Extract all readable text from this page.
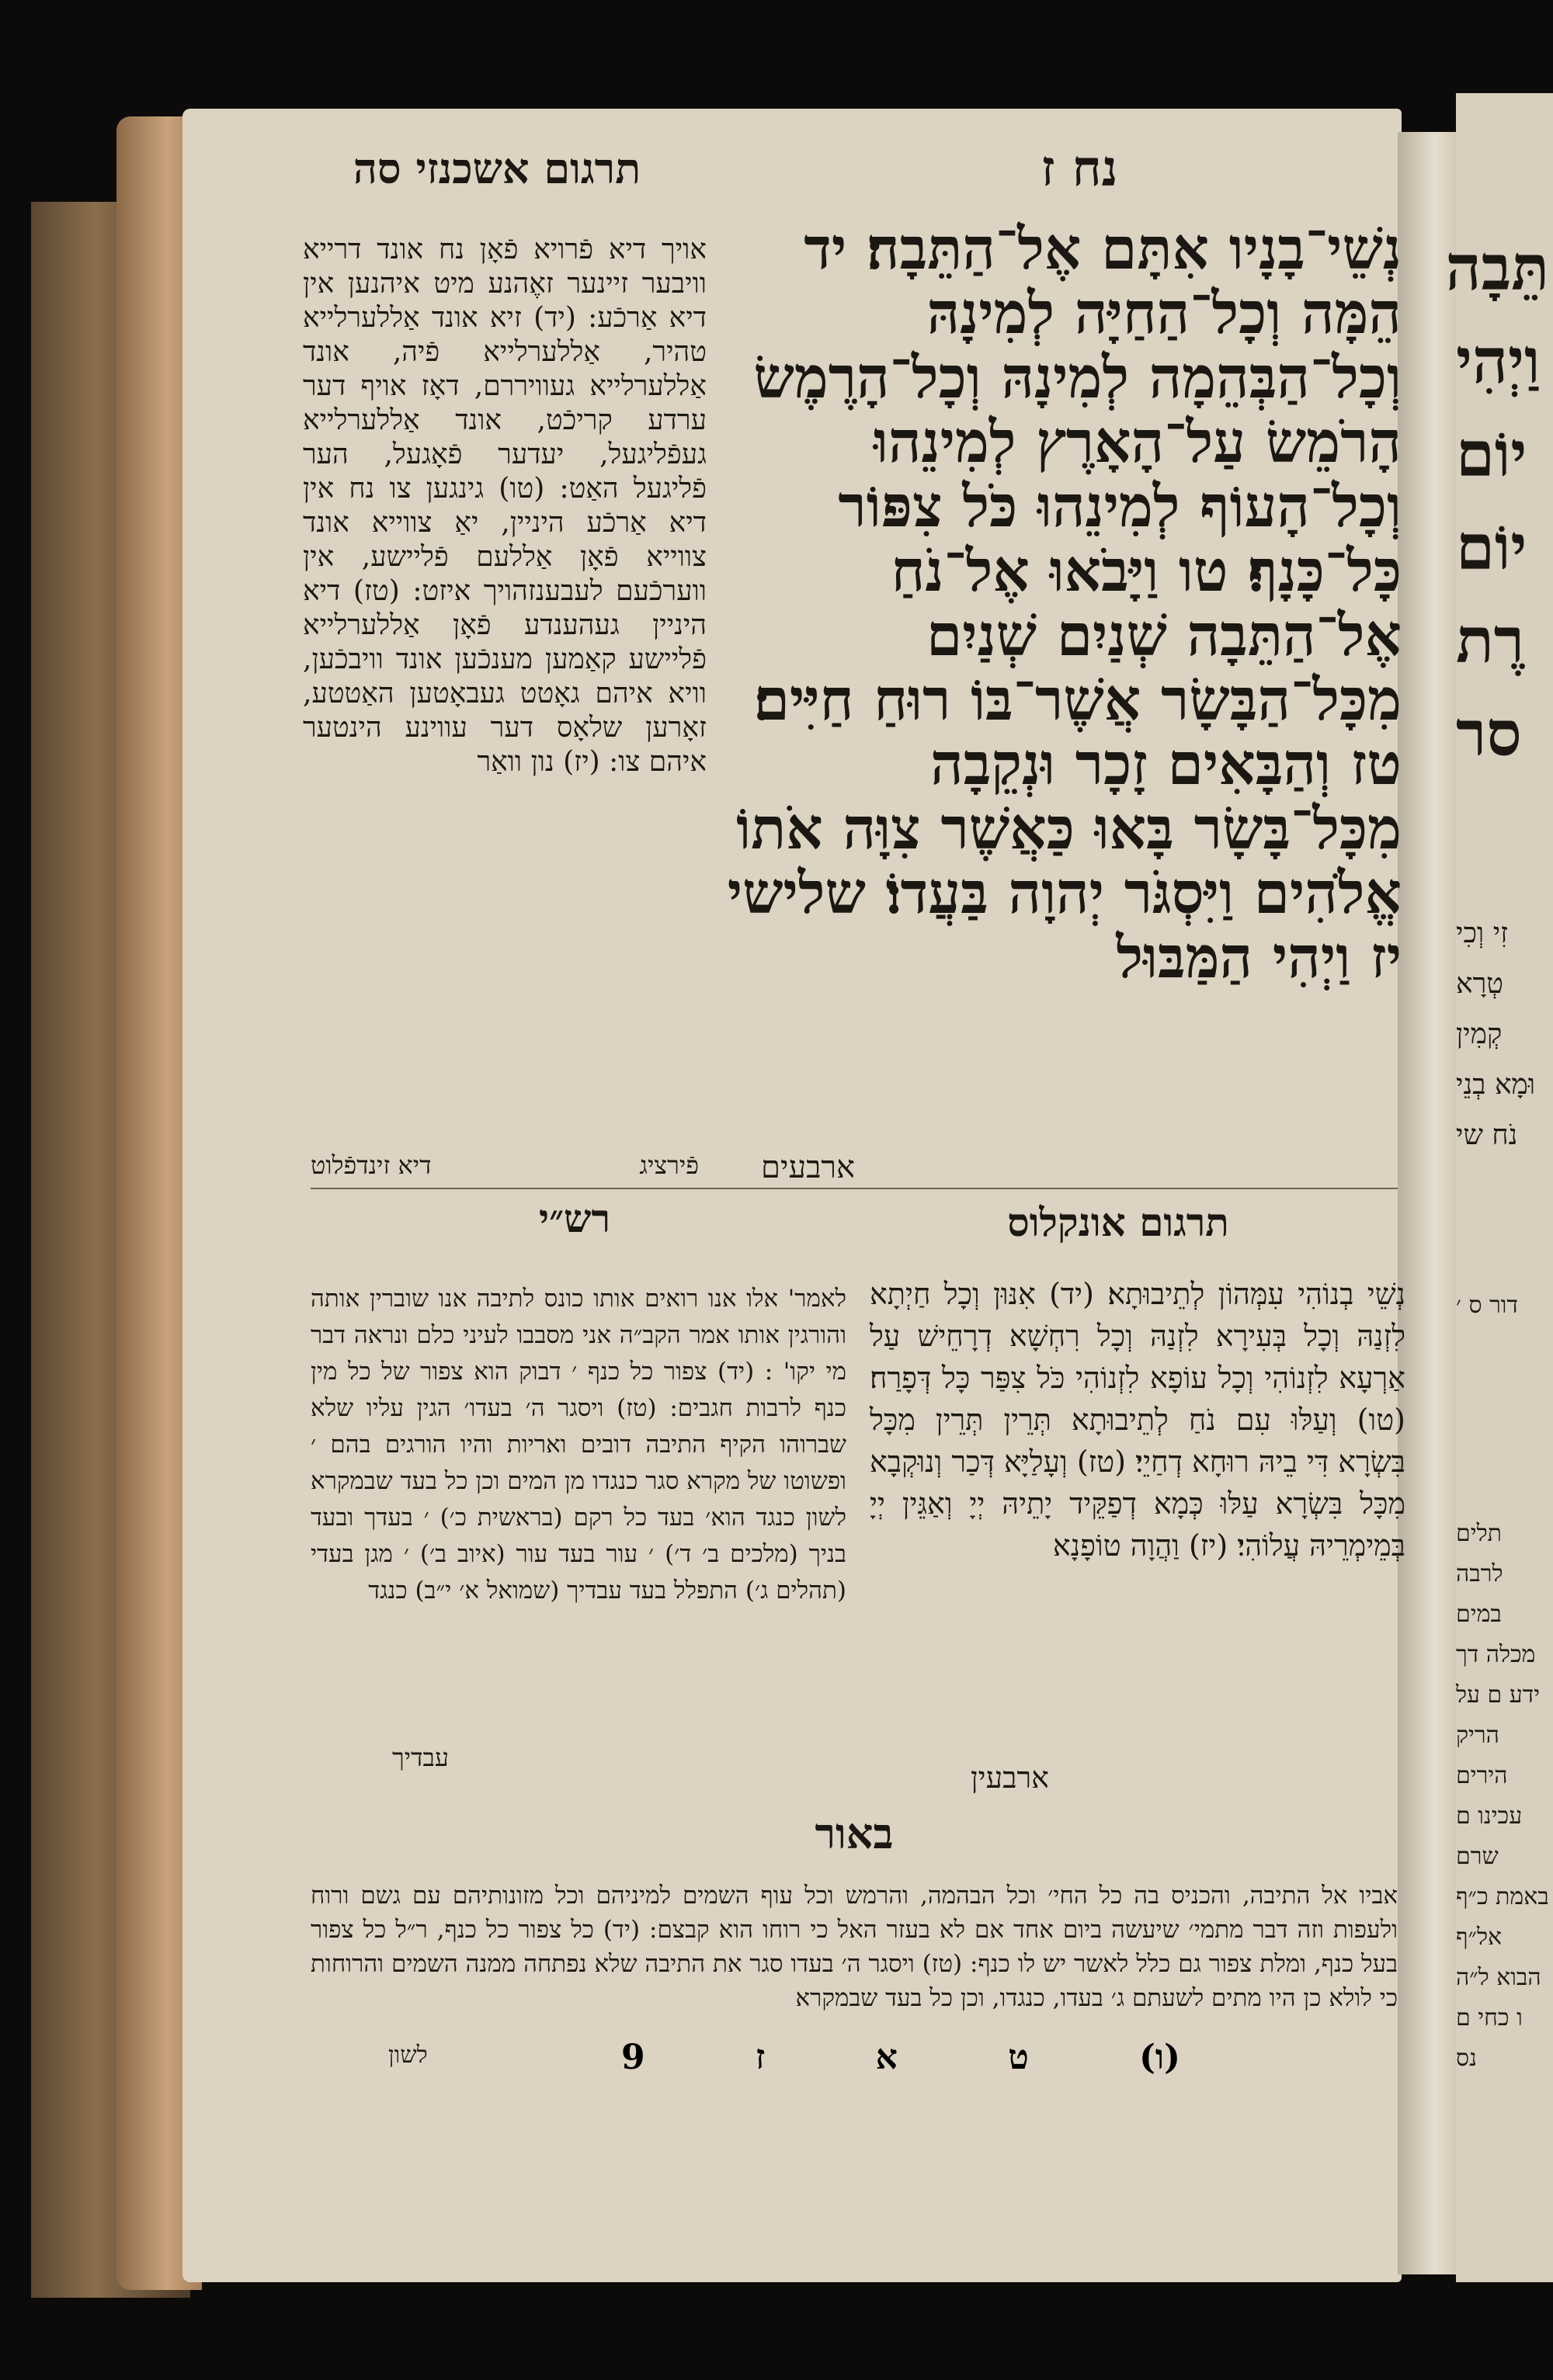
תֵּבָה וַיְהִי יוֹם יוֹם רֶת סר
זִי וְכִי טְרָא קְמִין וּמָא בְנֵי נֹח שי
דור ס ׳
תלים לרבה במים מכלה דך ידע ם על הריק הירים עכינו ם שרם באמת כ״ף אל״ף הבוא ל״ה ו כחי ם נס
נח ז
תרגום אשכנזי סה
נְשֵׁי־בָנָיו אִתָּם אֶל־הַתֵּבָה׃ יד הֵמָּה וְכָל־הַחַיָּה לְמִינָהּ וְכָל־הַבְּהֵמָה לְמִינָהּ וְכָל־הָרֶמֶשׂ הָרֹמֵשׂ עַל־הָאָרֶץ לְמִינֵהוּ וְכָל־הָעוֹף לְמִינֵהוּ כֹּל צִפּוֹר כָּל־כָּנָף׃ טו וַיָּבֹאוּ אֶל־נֹחַ אֶל־הַתֵּבָה שְׁנַיִם שְׁנַיִם מִכָּל־הַבָּשָׂר אֲשֶׁר־בּוֹ רוּחַ חַיִּים׃ טז וְהַבָּאִים זָכָר וּנְקֵבָה מִכָּל־בָּשָׂר בָּאוּ כַּאֲשֶׁר צִוָּה אֹתוֹ אֱלֹהִים וַיִּסְגֹּר יְהוָה בַּעֲדוֹ׃ שלישי יז וַיְהִי הַמַּבּוּל
ארבעים
אויך דיא פֿרויא פֿאָן נח אונד דרייא וויבער זיינער זאֶהנע מיט איהנען אין דיא אַרכֿע: (יד) זיא אונד אַללערלייא טהיר, אַללערלייא פֿיה, אונד אַללערלייא געוויררם, דאָז אויף דער ערדע קריכֿט, אונד אַללערלייא געפֿליגעל, יעדער פֿאָגעל, הער פֿליגעל האַט: (טו) גינגען צו נח אין דיא אַרכֿע היניין, יאַ צווייא אונד צווייא פֿאָן אַללעם פֿליישע, אין ווערכֿעם לעבענזהויך איזט: (טז) דיא היניין געהענדע פֿאָן אַללערלייא פֿליישע קאַמען מענכֿען אונד וויבכֿען, וויא איהם גאָטט געבאָטען האַטטע, זאָרען שלאָס דער עווינע הינטער איהם צו: (יז) נון וואַר
פֿירציג
דיא זינדפֿלוט
תרגום אונקלוס
רש״י
נְשֵׁי בְנוֹהִי עִמְּהוֹן לְתֵיבוּתָא׃ (יד) אִנּוּן וְכָל חַיְתָא לִזְנַהּ וְכָל בְּעִירָא לִזְנַהּ וְכָל רִחְשָׁא דְרָחֵישׁ עַל אַרְעָא לִזְנוֹהִי וְכָל עוֹפָא לִזְנוֹהִי כֹּל צִפַּר כָּל דְּפָרַח׃ (טו) וְעַלּוּ עִם נֹחַ לְתֵיבוּתָא תְּרֵין תְּרֵין מִכָּל בִּשְׂרָא דִּי בֵיהּ רוּחָא דְחַיֵי׃ (טז) וְעָלַיָּא דְּכַר וְנוּקְבָא מִכָּל בִּשְׂרָא עַלּוּ כְּמָא דְפַקֵּיד יָתֵיהּ יְיָ וְאַגֵּין יְיָ בְּמֵימְרֵיהּ עֲלוֹהִי׃ (יז) וַהֲוָה טוֹפָנָא
ארבעין
לאמר' אלו אנו רואים אותו כונס לתיבה אנו שוברין אותה והורגין אותו אמר הקב״ה אני מסבבו לעיני כלם ונראה דבר מי יקו' : (יד) צפור כל כנף ׳ דבוק הוא צפור של כל מין כנף לרבות חגבים: (טז) ויסגר ה׳ בעדו׳ הגין עליו שלא שברוהו הקיף התיבה דובים ואריות והיו הורגים בהם ׳ ופשוטו של מקרא סגר כנגדו מן המים וכן כל בעד שבמקרא לשון כנגד הוא׳ בעד כל רקם (בראשית כ׳) ׳ בעדך ובעד בניך (מלכים ב׳ ד׳) ׳ עור בעד עור (איוב ב׳) ׳ מגן בעדי (תהלים ג׳) התפלל בעד עבדיך (שמואל א׳ י״ב) כנגד
עבדיך
באור
אביו אל התיבה, והכניס בה כל החי׳ וכל הבהמה, והרמש וכל עוף השמים למיניהם וכל מזונותיהם עם גשם ורוח ולעפות וזה דבר מתמי׳ שיעשה ביום אחד אם לא בעזר האל כי רוחו הוא קבצם: (יד) כל צפור כל כנף, ר״ל כל צפור בעל כנף, ומלת צפור גם כלל לאשר יש לו כנף: (טז) ויסגר ה׳ בעדו סגר את התיבה שלא נפתחה ממנה השמים והרוחות כי לולא כן היו מתים לשעתם ג׳ בעדו, כנגדו, וכן כל בעד שבמקרא
(ו)
ט
א
ז
9
לשון
